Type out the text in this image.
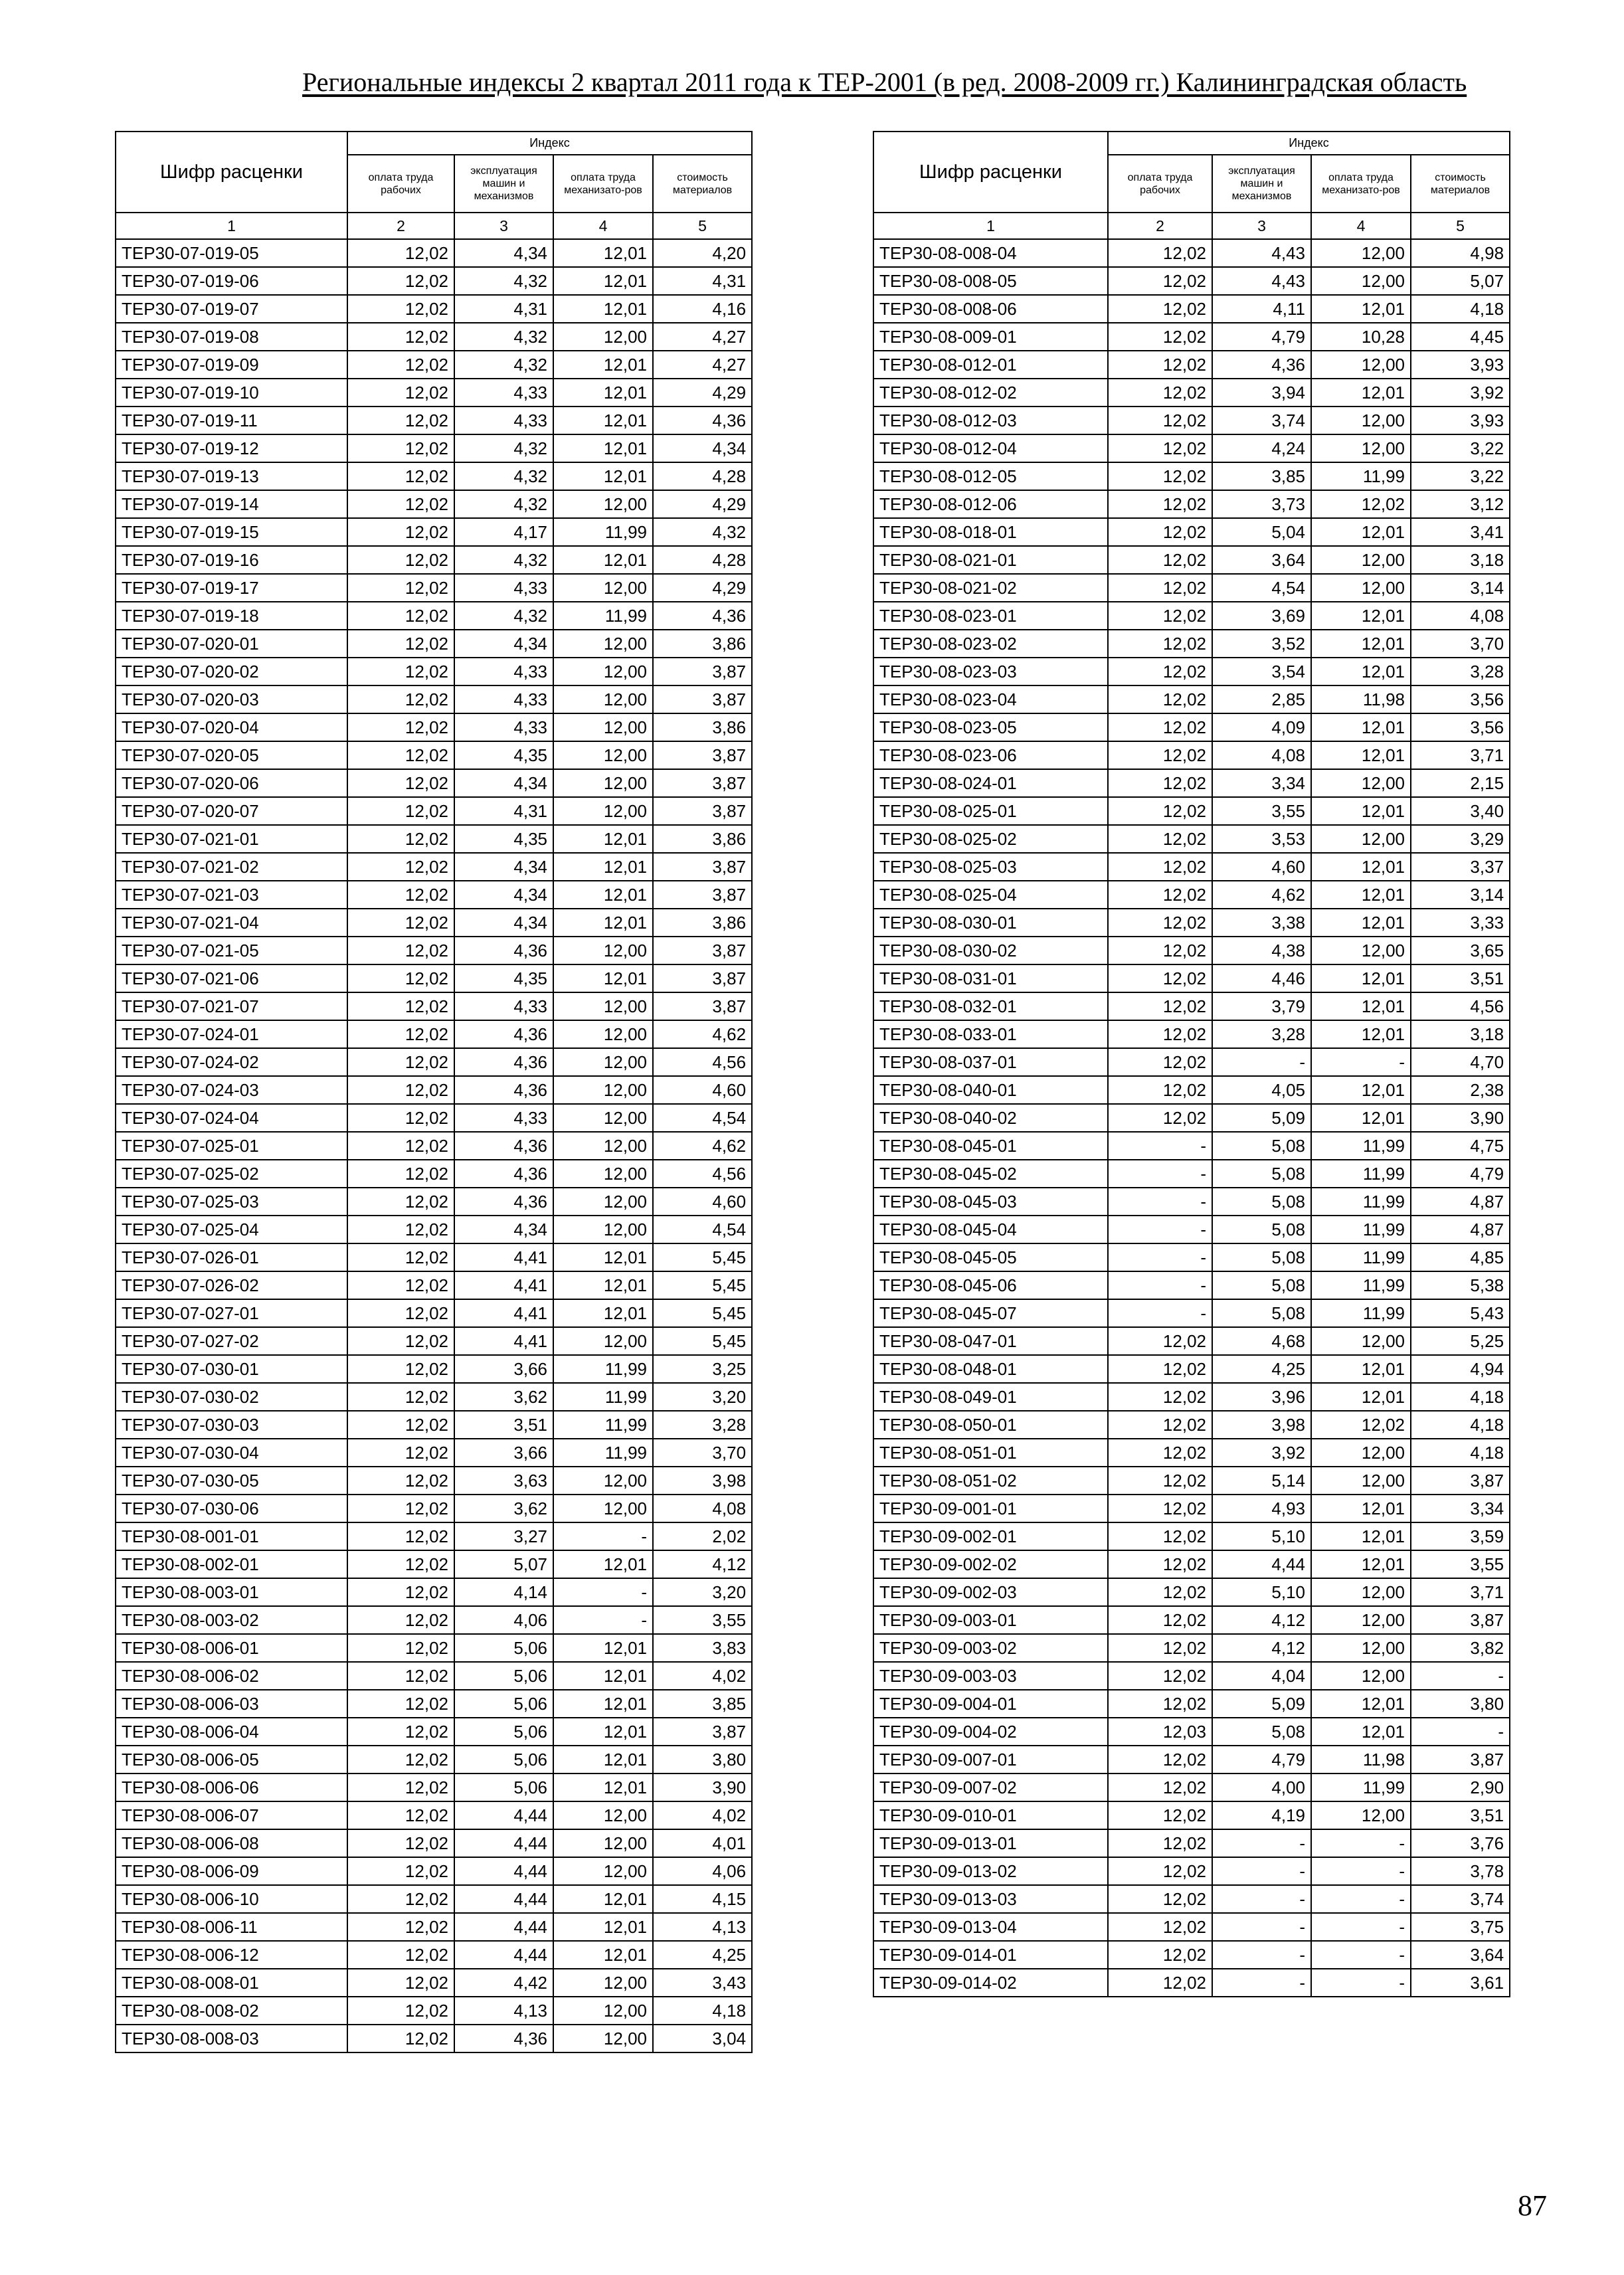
Региональные индексы 2 квартал 2011 года к ТЕР-2001 (в ред. 2008-2009 гг.) Калининградская область
Шифр расценки	Индекс			
	оплата труда рабочих	эксплуатация машин и механизмов	оплата труда механизато-ров	стоимость материалов
1	2	3	4	5
ТЕР30-07-019-05	12,02	4,34	12,01	4,20
ТЕР30-07-019-06	12,02	4,32	12,01	4,31
ТЕР30-07-019-07	12,02	4,31	12,01	4,16
ТЕР30-07-019-08	12,02	4,32	12,00	4,27
ТЕР30-07-019-09	12,02	4,32	12,01	4,27
ТЕР30-07-019-10	12,02	4,33	12,01	4,29
ТЕР30-07-019-11	12,02	4,33	12,01	4,36
ТЕР30-07-019-12	12,02	4,32	12,01	4,34
ТЕР30-07-019-13	12,02	4,32	12,01	4,28
ТЕР30-07-019-14	12,02	4,32	12,00	4,29
ТЕР30-07-019-15	12,02	4,17	11,99	4,32
ТЕР30-07-019-16	12,02	4,32	12,01	4,28
ТЕР30-07-019-17	12,02	4,33	12,00	4,29
ТЕР30-07-019-18	12,02	4,32	11,99	4,36
ТЕР30-07-020-01	12,02	4,34	12,00	3,86
ТЕР30-07-020-02	12,02	4,33	12,00	3,87
ТЕР30-07-020-03	12,02	4,33	12,00	3,87
ТЕР30-07-020-04	12,02	4,33	12,00	3,86
ТЕР30-07-020-05	12,02	4,35	12,00	3,87
ТЕР30-07-020-06	12,02	4,34	12,00	3,87
ТЕР30-07-020-07	12,02	4,31	12,00	3,87
ТЕР30-07-021-01	12,02	4,35	12,01	3,86
ТЕР30-07-021-02	12,02	4,34	12,01	3,87
ТЕР30-07-021-03	12,02	4,34	12,01	3,87
ТЕР30-07-021-04	12,02	4,34	12,01	3,86
ТЕР30-07-021-05	12,02	4,36	12,00	3,87
ТЕР30-07-021-06	12,02	4,35	12,01	3,87
ТЕР30-07-021-07	12,02	4,33	12,00	3,87
ТЕР30-07-024-01	12,02	4,36	12,00	4,62
ТЕР30-07-024-02	12,02	4,36	12,00	4,56
ТЕР30-07-024-03	12,02	4,36	12,00	4,60
ТЕР30-07-024-04	12,02	4,33	12,00	4,54
ТЕР30-07-025-01	12,02	4,36	12,00	4,62
ТЕР30-07-025-02	12,02	4,36	12,00	4,56
ТЕР30-07-025-03	12,02	4,36	12,00	4,60
ТЕР30-07-025-04	12,02	4,34	12,00	4,54
ТЕР30-07-026-01	12,02	4,41	12,01	5,45
ТЕР30-07-026-02	12,02	4,41	12,01	5,45
ТЕР30-07-027-01	12,02	4,41	12,01	5,45
ТЕР30-07-027-02	12,02	4,41	12,00	5,45
ТЕР30-07-030-01	12,02	3,66	11,99	3,25
ТЕР30-07-030-02	12,02	3,62	11,99	3,20
ТЕР30-07-030-03	12,02	3,51	11,99	3,28
ТЕР30-07-030-04	12,02	3,66	11,99	3,70
ТЕР30-07-030-05	12,02	3,63	12,00	3,98
ТЕР30-07-030-06	12,02	3,62	12,00	4,08
ТЕР30-08-001-01	12,02	3,27	-	2,02
ТЕР30-08-002-01	12,02	5,07	12,01	4,12
ТЕР30-08-003-01	12,02	4,14	-	3,20
ТЕР30-08-003-02	12,02	4,06	-	3,55
ТЕР30-08-006-01	12,02	5,06	12,01	3,83
ТЕР30-08-006-02	12,02	5,06	12,01	4,02
ТЕР30-08-006-03	12,02	5,06	12,01	3,85
ТЕР30-08-006-04	12,02	5,06	12,01	3,87
ТЕР30-08-006-05	12,02	5,06	12,01	3,80
ТЕР30-08-006-06	12,02	5,06	12,01	3,90
ТЕР30-08-006-07	12,02	4,44	12,00	4,02
ТЕР30-08-006-08	12,02	4,44	12,00	4,01
ТЕР30-08-006-09	12,02	4,44	12,00	4,06
ТЕР30-08-006-10	12,02	4,44	12,01	4,15
ТЕР30-08-006-11	12,02	4,44	12,01	4,13
ТЕР30-08-006-12	12,02	4,44	12,01	4,25
ТЕР30-08-008-01	12,02	4,42	12,00	3,43
ТЕР30-08-008-02	12,02	4,13	12,00	4,18
ТЕР30-08-008-03	12,02	4,36	12,00	3,04
Шифр расценки	Индекс			
	оплата труда рабочих	эксплуатация машин и механизмов	оплата труда механизато-ров	стоимость материалов
1	2	3	4	5
ТЕР30-08-008-04	12,02	4,43	12,00	4,98
ТЕР30-08-008-05	12,02	4,43	12,00	5,07
ТЕР30-08-008-06	12,02	4,11	12,01	4,18
ТЕР30-08-009-01	12,02	4,79	10,28	4,45
ТЕР30-08-012-01	12,02	4,36	12,00	3,93
ТЕР30-08-012-02	12,02	3,94	12,01	3,92
ТЕР30-08-012-03	12,02	3,74	12,00	3,93
ТЕР30-08-012-04	12,02	4,24	12,00	3,22
ТЕР30-08-012-05	12,02	3,85	11,99	3,22
ТЕР30-08-012-06	12,02	3,73	12,02	3,12
ТЕР30-08-018-01	12,02	5,04	12,01	3,41
ТЕР30-08-021-01	12,02	3,64	12,00	3,18
ТЕР30-08-021-02	12,02	4,54	12,00	3,14
ТЕР30-08-023-01	12,02	3,69	12,01	4,08
ТЕР30-08-023-02	12,02	3,52	12,01	3,70
ТЕР30-08-023-03	12,02	3,54	12,01	3,28
ТЕР30-08-023-04	12,02	2,85	11,98	3,56
ТЕР30-08-023-05	12,02	4,09	12,01	3,56
ТЕР30-08-023-06	12,02	4,08	12,01	3,71
ТЕР30-08-024-01	12,02	3,34	12,00	2,15
ТЕР30-08-025-01	12,02	3,55	12,01	3,40
ТЕР30-08-025-02	12,02	3,53	12,00	3,29
ТЕР30-08-025-03	12,02	4,60	12,01	3,37
ТЕР30-08-025-04	12,02	4,62	12,01	3,14
ТЕР30-08-030-01	12,02	3,38	12,01	3,33
ТЕР30-08-030-02	12,02	4,38	12,00	3,65
ТЕР30-08-031-01	12,02	4,46	12,01	3,51
ТЕР30-08-032-01	12,02	3,79	12,01	4,56
ТЕР30-08-033-01	12,02	3,28	12,01	3,18
ТЕР30-08-037-01	12,02	-	-	4,70
ТЕР30-08-040-01	12,02	4,05	12,01	2,38
ТЕР30-08-040-02	12,02	5,09	12,01	3,90
ТЕР30-08-045-01	-	5,08	11,99	4,75
ТЕР30-08-045-02	-	5,08	11,99	4,79
ТЕР30-08-045-03	-	5,08	11,99	4,87
ТЕР30-08-045-04	-	5,08	11,99	4,87
ТЕР30-08-045-05	-	5,08	11,99	4,85
ТЕР30-08-045-06	-	5,08	11,99	5,38
ТЕР30-08-045-07	-	5,08	11,99	5,43
ТЕР30-08-047-01	12,02	4,68	12,00	5,25
ТЕР30-08-048-01	12,02	4,25	12,01	4,94
ТЕР30-08-049-01	12,02	3,96	12,01	4,18
ТЕР30-08-050-01	12,02	3,98	12,02	4,18
ТЕР30-08-051-01	12,02	3,92	12,00	4,18
ТЕР30-08-051-02	12,02	5,14	12,00	3,87
ТЕР30-09-001-01	12,02	4,93	12,01	3,34
ТЕР30-09-002-01	12,02	5,10	12,01	3,59
ТЕР30-09-002-02	12,02	4,44	12,01	3,55
ТЕР30-09-002-03	12,02	5,10	12,00	3,71
ТЕР30-09-003-01	12,02	4,12	12,00	3,87
ТЕР30-09-003-02	12,02	4,12	12,00	3,82
ТЕР30-09-003-03	12,02	4,04	12,00	-
ТЕР30-09-004-01	12,02	5,09	12,01	3,80
ТЕР30-09-004-02	12,03	5,08	12,01	-
ТЕР30-09-007-01	12,02	4,79	11,98	3,87
ТЕР30-09-007-02	12,02	4,00	11,99	2,90
ТЕР30-09-010-01	12,02	4,19	12,00	3,51
ТЕР30-09-013-01	12,02	-	-	3,76
ТЕР30-09-013-02	12,02	-	-	3,78
ТЕР30-09-013-03	12,02	-	-	3,74
ТЕР30-09-013-04	12,02	-	-	3,75
ТЕР30-09-014-01	12,02	-	-	3,64
ТЕР30-09-014-02	12,02	-	-	3,61
87
